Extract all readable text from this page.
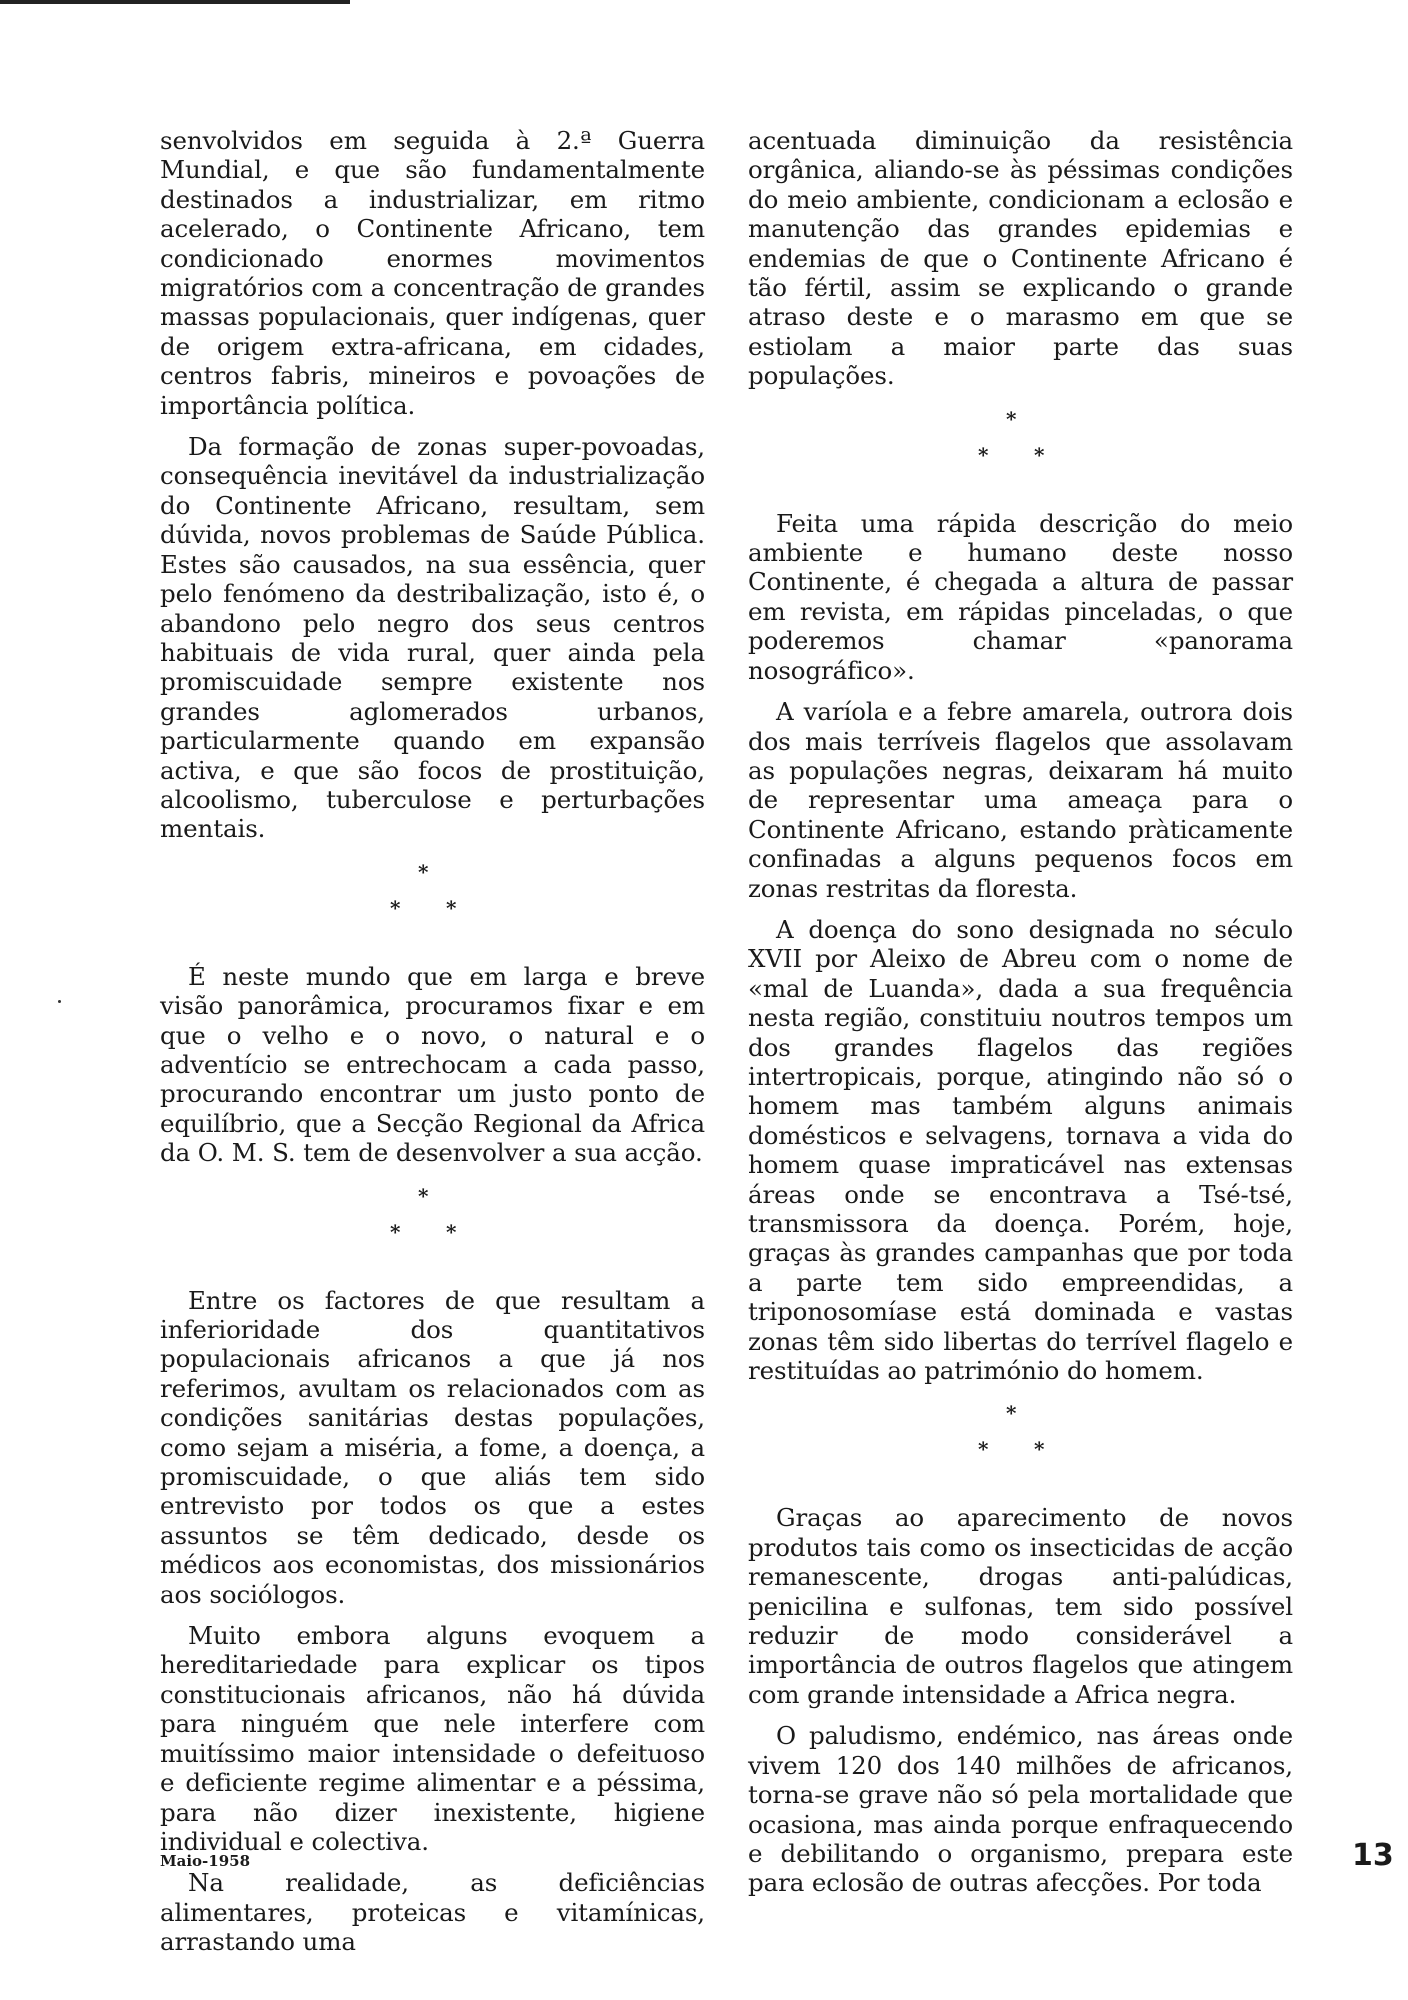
senvolvidos em seguida à 2.ª Guerra Mundial, e que são fundamentalmente destinados a industrializar, em ritmo acelerado, o Continente Africano, tem condicionado enormes movimentos migratórios com a concentração de grandes massas populacionais, quer indígenas, quer de origem extra-africana, em cidades, centros fabris, mineiros e povoações de importância política.

Da formação de zonas super-povoadas, consequência inevitável da industrialização do Continente Africano, resultam, sem dúvida, novos problemas de Saúde Pública. Estes são causados, na sua essência, quer pelo fenómeno da destribalização, isto é, o abandono pelo negro dos seus centros habituais de vida rural, quer ainda pela promiscuidade sempre existente nos grandes aglomerados urbanos, particularmente quando em expansão activa, e que são focos de prostituição, alcoolismo, tuberculose e perturbações mentais.

*
* *

É neste mundo que em larga e breve visão panorâmica, procuramos fixar e em que o velho e o novo, o natural e o adventício se entrechocam a cada passo, procurando encontrar um justo ponto de equilíbrio, que a Secção Regional da Africa da O. M. S. tem de desenvolver a sua acção.

*
* *

Entre os factores de que resultam a inferioridade dos quantitativos populacionais africanos a que já nos referimos, avultam os relacionados com as condições sanitárias destas populações, como sejam a miséria, a fome, a doença, a promiscuidade, o que aliás tem sido entrevisto por todos os que a estes assuntos se têm dedicado, desde os médicos aos economistas, dos missionários aos sociólogos.

Muito embora alguns evoquem a hereditariedade para explicar os tipos constitucionais africanos, não há dúvida para ninguém que nele interfere com muitíssimo maior intensidade o defeituoso e deficiente regime alimentar e a péssima, para não dizer inexistente, higiene individual e colectiva.

Na realidade, as deficiências alimentares, proteicas e vitamínicas, arrastando uma

acentuada diminuição da resistência orgânica, aliando-se às péssimas condições do meio ambiente, condicionam a eclosão e manutenção das grandes epidemias e endemias de que o Continente Africano é tão fértil, assim se explicando o grande atraso deste e o marasmo em que se estiolam a maior parte das suas populações.

*
* *

Feita uma rápida descrição do meio ambiente e humano deste nosso Continente, é chegada a altura de passar em revista, em rápidas pinceladas, o que poderemos chamar «panorama nosográfico».

A varíola e a febre amarela, outrora dois dos mais terríveis flagelos que assolavam as populações negras, deixaram há muito de representar uma ameaça para o Continente Africano, estando pràticamente confinadas a alguns pequenos focos em zonas restritas da floresta.

A doença do sono designada no século XVII por Aleixo de Abreu com o nome de «mal de Luanda», dada a sua frequência nesta região, constituiu noutros tempos um dos grandes flagelos das regiões intertropicais, porque, atingindo não só o homem mas também alguns animais domésticos e selvagens, tornava a vida do homem quase impraticável nas extensas áreas onde se encontrava a Tsé-tsé, transmissora da doença. Porém, hoje, graças às grandes campanhas que por toda a parte tem sido empreendidas, a triponosomíase está dominada e vastas zonas têm sido libertas do terrível flagelo e restituídas ao património do homem.

*
* *

Graças ao aparecimento de novos produtos tais como os insecticidas de acção remanescente, drogas anti-palúdicas, penicilina e sulfonas, tem sido possível reduzir de modo considerável a importância de outros flagelos que atingem com grande intensidade a Africa negra.

O paludismo, endémico, nas áreas onde vivem 120 dos 140 milhões de africanos, torna-se grave não só pela mortalidade que ocasiona, mas ainda porque enfraquecendo e debilitando o organismo, prepara este para eclosão de outras afecções. Por toda

Maio-1958	13
